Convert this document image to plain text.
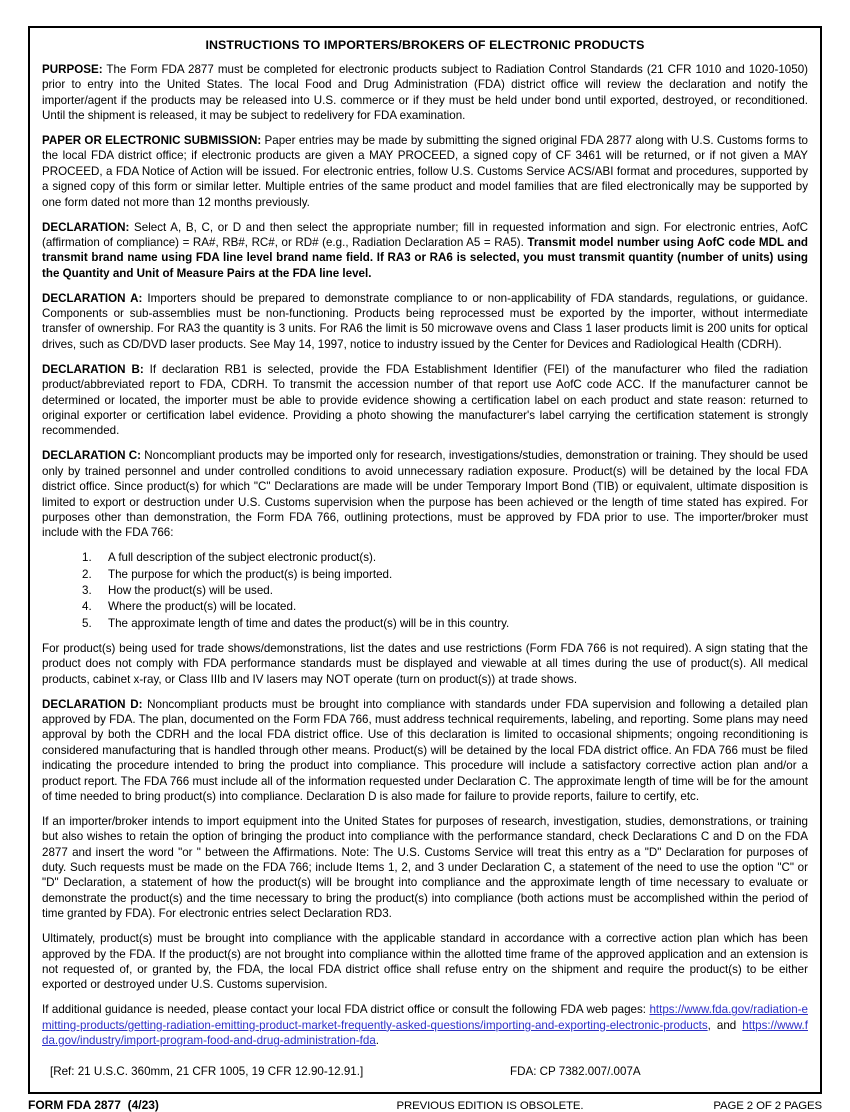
INSTRUCTIONS TO IMPORTERS/BROKERS OF ELECTRONIC PRODUCTS

PURPOSE: The Form FDA 2877 must be completed for electronic products subject to Radiation Control Standards (21 CFR 1010 and 1020-1050) prior to entry into the United States. The local Food and Drug Administration (FDA) district office will review the declaration and notify the importer/agent if the products may be released into U.S. commerce or if they must be held under bond until exported, destroyed, or reconditioned. Until the shipment is released, it may be subject to redelivery for FDA examination.

PAPER OR ELECTRONIC SUBMISSION: Paper entries may be made by submitting the signed original FDA 2877 along with U.S. Customs forms to the local FDA district office; if electronic products are given a MAY PROCEED, a signed copy of CF 3461 will be returned, or if not given a MAY PROCEED, a FDA Notice of Action will be issued. For electronic entries, follow U.S. Customs Service ACS/ABI format and procedures, supported by a signed copy of this form or similar letter. Multiple entries of the same product and model families that are filed electronically may be supported by one form dated not more than 12 months previously.

DECLARATION: Select A, B, C, or D and then select the appropriate number; fill in requested information and sign. For electronic entries, AofC (affirmation of compliance) = RA#, RB#, RC#, or RD# (e.g., Radiation Declaration A5 = RA5). Transmit model number using AofC code MDL and transmit brand name using FDA line level brand name field. If RA3 or RA6 is selected, you must transmit quantity (number of units) using the Quantity and Unit of Measure Pairs at the FDA line level.

DECLARATION A: Importers should be prepared to demonstrate compliance to or non-applicability of FDA standards, regulations, or guidance. Components or sub-assemblies must be non-functioning. Products being reprocessed must be exported by the importer, without intermediate transfer of ownership. For RA3 the quantity is 3 units. For RA6 the limit is 50 microwave ovens and Class 1 laser products limit is 200 units for optical drives, such as CD/DVD laser products. See May 14, 1997, notice to industry issued by the Center for Devices and Radiological Health (CDRH).

DECLARATION B: If declaration RB1 is selected, provide the FDA Establishment Identifier (FEI) of the manufacturer who filed the radiation product/abbreviated report to FDA, CDRH. To transmit the accession number of that report use AofC code ACC. If the manufacturer cannot be determined or located, the importer must be able to provide evidence showing a certification label on each product and state reason: returned to original exporter or certification label evidence. Providing a photo showing the manufacturer's label carrying the certification statement is strongly recommended.

DECLARATION C: Noncompliant products may be imported only for research, investigations/studies, demonstration or training. They should be used only by trained personnel and under controlled conditions to avoid unnecessary radiation exposure. Product(s) will be detained by the local FDA district office. Since product(s) for which "C" Declarations are made will be under Temporary Import Bond (TIB) or equivalent, ultimate disposition is limited to export or destruction under U.S. Customs supervision when the purpose has been achieved or the length of time stated has expired. For purposes other than demonstration, the Form FDA 766, outlining protections, must be approved by FDA prior to use. The importer/broker must include with the FDA 766:

1.	A full description of the subject electronic product(s).
2.	The purpose for which the product(s) is being imported.
3.	How the product(s) will be used.
4.	Where the product(s) will be located.
5.	The approximate length of time and dates the product(s) will be in this country.

For product(s) being used for trade shows/demonstrations, list the dates and use restrictions (Form FDA 766 is not required). A sign stating that the product does not comply with FDA performance standards must be displayed and viewable at all times during the use of product(s). All medical products, cabinet x-ray, or Class IIIb and IV lasers may NOT operate (turn on product(s)) at trade shows.

DECLARATION D: Noncompliant products must be brought into compliance with standards under FDA supervision and following a detailed plan approved by FDA. The plan, documented on the Form FDA 766, must address technical requirements, labeling, and reporting. Some plans may need approval by both the CDRH and the local FDA district office. Use of this declaration is limited to occasional shipments; ongoing reconditioning is considered manufacturing that is handled through other means. Product(s) will be detained by the local FDA district office. An FDA 766 must be filed indicating the procedure intended to bring the product into compliance. This procedure will include a satisfactory corrective action plan and/or a product report. The FDA 766 must include all of the information requested under Declaration C. The approximate length of time will be for the amount of time needed to bring product(s) into compliance. Declaration D is also made for failure to provide reports, failure to certify, etc.

If an importer/broker intends to import equipment into the United States for purposes of research, investigation, studies, demonstrations, or training but also wishes to retain the option of bringing the product into compliance with the performance standard, check Declarations C and D on the FDA 2877 and insert the word "or " between the Affirmations. Note: The U.S. Customs Service will treat this entry as a "D" Declaration for purposes of duty. Such requests must be made on the FDA 766; include Items 1, 2, and 3 under Declaration C, a statement of the need to use the option "C" or "D" Declaration, a statement of how the product(s) will be brought into compliance and the approximate length of time necessary to evaluate or demonstrate the product(s) and the time necessary to bring the product(s) into compliance (both actions must be accomplished within the period of time granted by FDA). For electronic entries select Declaration RD3.

Ultimately, product(s) must be brought into compliance with the applicable standard in accordance with a corrective action plan which has been approved by the FDA. If the product(s) are not brought into compliance within the allotted time frame of the approved application and an extension is not requested of, or granted by, the FDA, the local FDA district office shall refuse entry on the shipment and require the product(s) to be either exported or destroyed under U.S. Customs supervision.

If additional guidance is needed, please contact your local FDA district office or consult the following FDA web pages: https://www.fda.gov/radiation-emitting-products/getting-radiation-emitting-product-market-frequently-asked-questions/importing-and-exporting-electronic-products, and https://www.fda.gov/industry/import-program-food-and-drug-administration-fda.

[Ref: 21 U.S.C. 360mm, 21 CFR 1005, 19 CFR 12.90-12.91.]	FDA: CP 7382.007/.007A
FORM FDA 2877  (4/23)	PREVIOUS EDITION IS OBSOLETE.	PAGE 2 OF 2 PAGES
